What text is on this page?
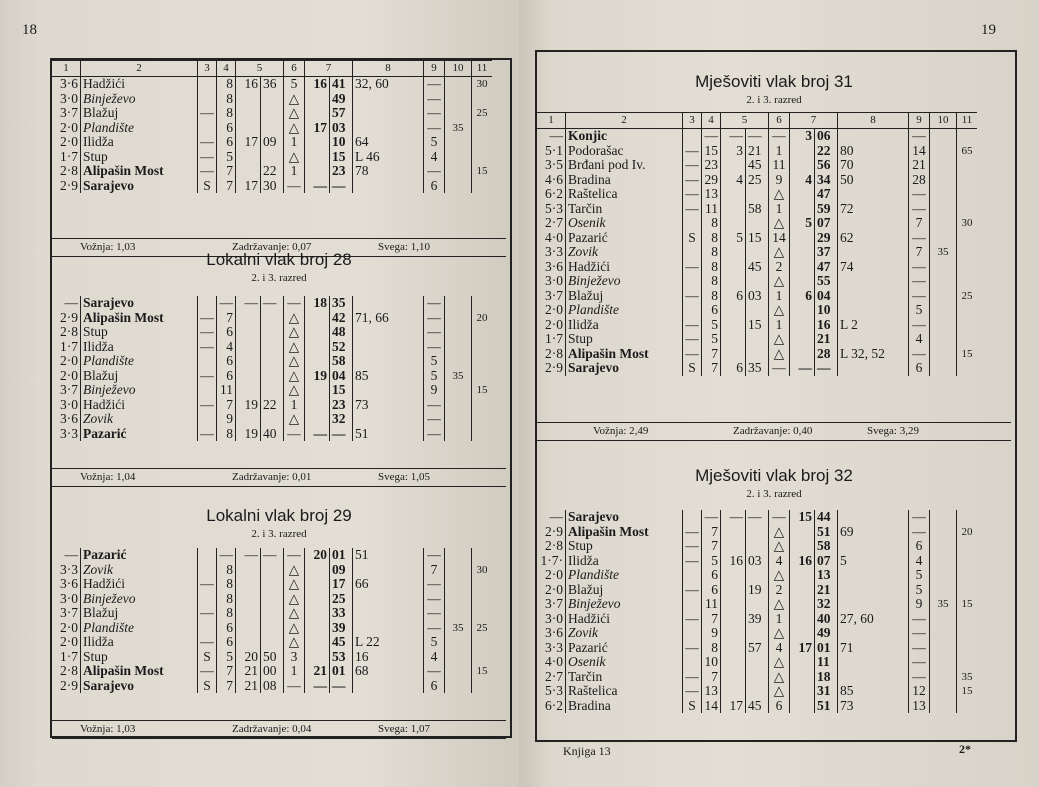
18
1	2	3	4	5		6	7		8	9	10	11
3·6	Hadžići		8	16	36	5	16	41	32, 60	—		30
3·0	Binježevo		8			△		49		—		
3·7	Blažuj	—	8			△		57		—		25
2·0	Plandište		6			△	17	03		—	35	
2·0	Ilidža	—	6	17	09	1		10	64	5		
1·7	Stup	—	5			△		15	L 46	4		
2·8	Alipašin Most	—	7		22	1		23	78	—		15
2·9	Sarajevo	S	7	17	30	—	—	—		6		
Vožnja: 1,03	Zadržavanje: 0,07	Svega: 1,10
Lokalni vlak broj 28
2. i 3. razred
—	Sarajevo		—	—	—	—	18	35		—		
2·9	Alipašin Most	—	7			△		42	71, 66	—		20
2·8	Stup	—	6			△		48		—		
1·7	Ilidža	—	4			△		52		—		
2·0	Plandište		6			△		58		5		
2·0	Blažuj	—	6			△	19	04	85	5	35	
3·7	Binježevo		11			△		15		9		15
3·0	Hadžići	—	7	19	22	1		23	73	—		
3·6	Zovik		9			△		32		—		
3·3	Pazarić	—	8	19	40	—	—	—	51	—		
Vožnja: 1,04	Zadržavanje: 0,01	Svega: 1,05
Lokalni vlak broj 29
2. i 3. razred
—	Pazarić		—	—	—	—	20	01	51	—		
3·3	Zovik		8			△		09		7		30
3·6	Hadžići	—	8			△		17	66	—		
3·0	Binježevo		8			△		25		—		
3·7	Blažuj	—	8			△		33		—		
2·0	Plandište		6			△		39		—	35	25
2·0	Ilidža	—	6			△		45	L 22	5		
1·7	Stup	S	5	20	50	3		53	16	4		
2·8	Alipašin Most	—	7	21	00	1	21	01	68	—		15
2·9	Sarajevo	S	7	21	08	—	—	—		6		
Vožnja: 1,03	Zadržavanje: 0,04	Svega: 1,07
19
Mješoviti vlak broj 31
2. i 3. razred
1	2	3	4	5		6	7		8	9	10	11
—	Konjic		—	—	—	—	3	06		—		
5·1	Podorašac	—	15	3	21	1		22	80	14		65
3·5	Brđani pod Iv.	—	23		45	11		56	70	21		
4·6	Bradina	—	29	4	25	9	4	34	50	28		
6·2	Raštelica	—	13			△		47		—		
5·3	Tarčin	—	11		58	1		59	72	—		
2·7	Osenik		8			△	5	07		7		30
4·0	Pazarić	S	8	5	15	14		29	62	—		
3·3	Zovik		8			△		37		7	35	
3·6	Hadžići	—	8		45	2		47	74	—		
3·0	Binježevo		8			△		55		—		
3·7	Blažuj	—	8	6	03	1	6	04		—		25
2·0	Plandište		6			△		10		5		
2·0	Ilidža	—	5		15	1		16	L 2	—		
1·7	Stup	—	5			△		21		4		
2·8	Alipašin Most	—	7			△		28	L 32, 52	—		15
2·9	Sarajevo	S	7	6	35	—	—	—		6		
Vožnja: 2,49	Zadržavanje: 0,40	Svega: 3,29
Mješoviti vlak broj 32
2. i 3. razred
—	Sarajevo		—	—	—	—	15	44		—		
2·9	Alipašin Most	—	7			△		51	69	—		20
2·8	Stup	—	7			△		58		6		
1·7·	Ilidža	—	5	16	03	4	16	07	5	4		
2·0	Plandište		6			△		13		5		
2·0	Blažuj	—	6		19	2		21		5		
3·7	Binježevo		11			△		32		9	35	15
3·0	Hadžići	—	7		39	1		40	27, 60	—		
3·6	Zovik		9			△		49		—		
3·3	Pazarić	—	8		57	4	17	01	71	—		
4·0	Osenik		10			△		11		—		
2·7	Tarčin	—	7			△		18		—		35
5·3	Raštelica	—	13			△		31	85	12		15
6·2	Bradina	S	14	17	45	6		51	73	13		
Knjiga 13	2*
